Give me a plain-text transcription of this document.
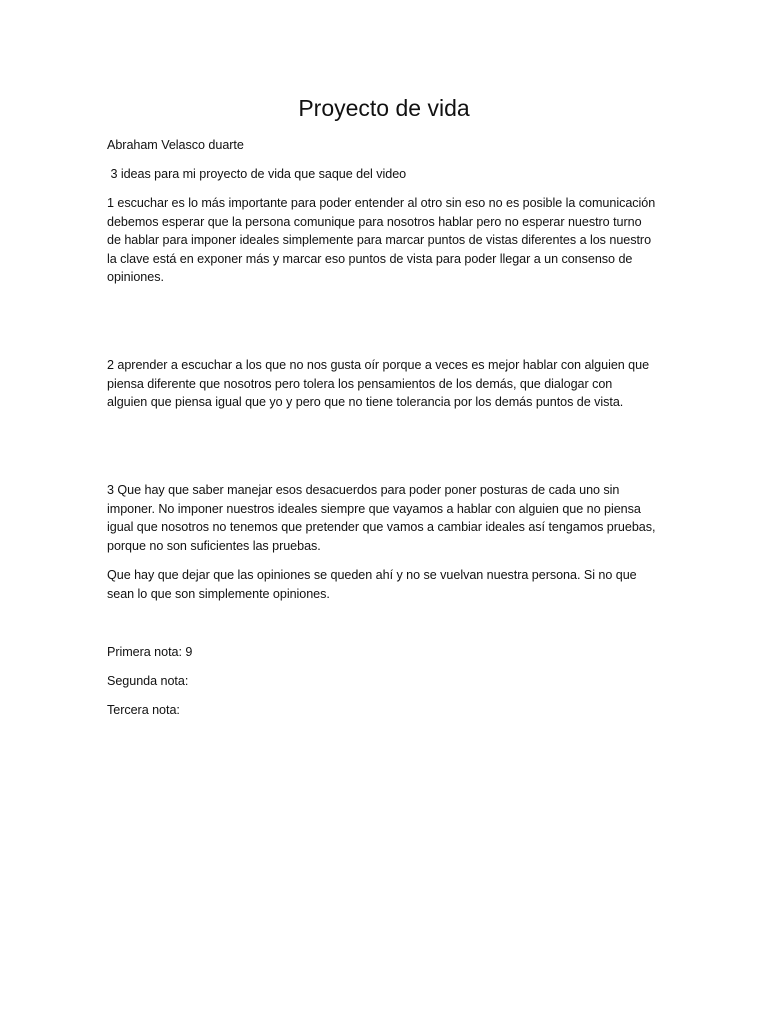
Proyecto de vida

Abraham Velasco duarte

3 ideas para mi proyecto de vida que saque del video

1 escuchar es lo más importante para poder entender al otro sin eso no es posible la comunicación
debemos esperar que la persona comunique para nosotros hablar pero no esperar nuestro turno
de hablar para imponer ideales simplemente para marcar puntos de vistas diferentes a los nuestro
la clave está en exponer más y marcar eso puntos de vista para poder llegar a un consenso de
opiniones.

2 aprender a escuchar a los que no nos gusta oír porque a veces es mejor hablar con alguien que
piensa diferente que nosotros pero tolera los pensamientos de los demás, que dialogar con
alguien que piensa igual que yo y pero que no tiene tolerancia por los demás puntos de vista.

3 Que hay que saber manejar esos desacuerdos para poder poner posturas de cada uno sin
imponer. No imponer nuestros ideales siempre que vayamos a hablar con alguien que no piensa
igual que nosotros no tenemos que pretender que vamos a cambiar ideales así tengamos pruebas,
porque no son suficientes las pruebas.

Que hay que dejar que las opiniones se queden ahí y no se vuelvan nuestra persona. Si no que
sean lo que son simplemente opiniones.

Primera nota: 9

Segunda nota:

Tercera nota:
